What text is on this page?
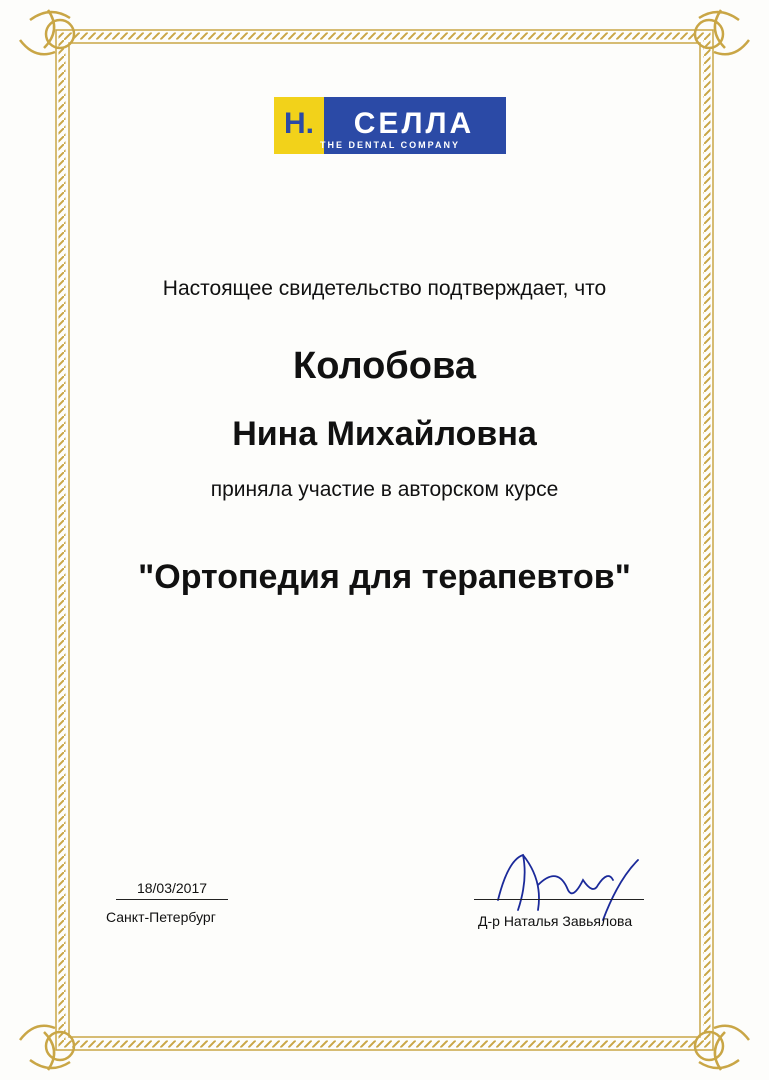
H. СЕЛЛА
THE DENTAL COMPANY
Настоящее свидетельство подтверждает, что
Колобова
Нина Михайловна
приняла участие в авторском курсе
"Ортопедия для терапевтов"
18/03/2017
Санкт-Петербург	Д-р Наталья Завьялова
